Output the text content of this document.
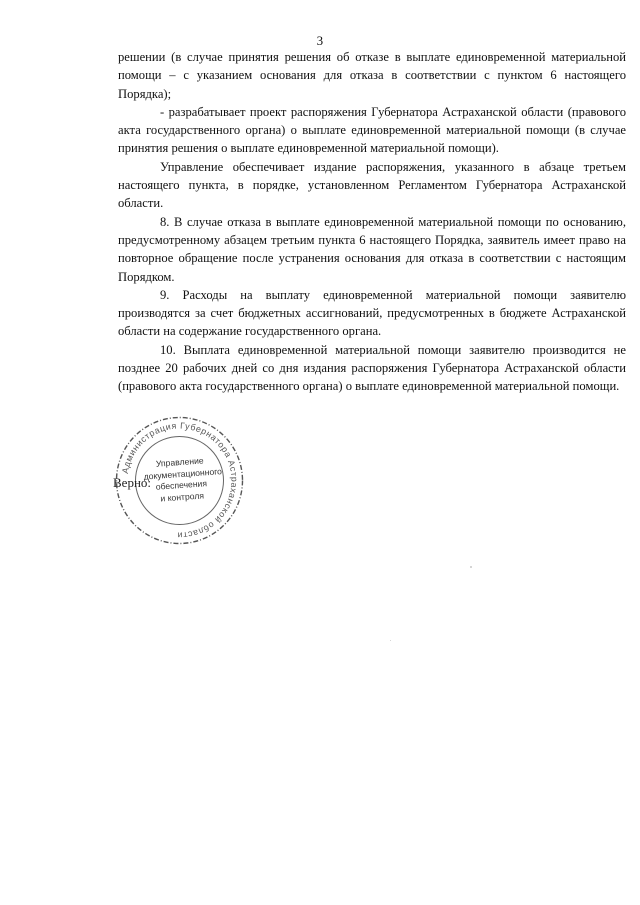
3

решении (в случае принятия решения об отказе в выплате единовременной материальной помощи – с указанием основания для отказа в соответствии с пунктом 6 настоящего Порядка);

- разрабатывает проект распоряжения Губернатора Астраханской области (правового акта государственного органа) о выплате единовременной материальной помощи (в случае принятия решения о выплате единовременной материальной помощи).

Управление обеспечивает издание распоряжения, указанного в абзаце третьем настоящего пункта, в порядке, установленном Регламентом Губернатора Астраханской области.

8. В случае отказа в выплате единовременной материальной помощи по основанию, предусмотренному абзацем третьим пункта 6 настоящего Порядка, заявитель имеет право на повторное обращение после устранения основания для отказа в соответствии с настоящим Порядком.

9. Расходы на выплату единовременной материальной помощи заявителю производятся за счет бюджетных ассигнований, предусмотренных в бюджете Астраханской области на содержание государственного органа.

10. Выплата единовременной материальной помощи заявителю производится не позднее 20 рабочих дней со дня издания распоряжения Губернатора Астраханской области (правового акта государственного органа) о выплате единовременной материальной помощи.

Администрация Губернатора Астраханской области
Управление
документационного
обеспечения
и контроля
Верно:
